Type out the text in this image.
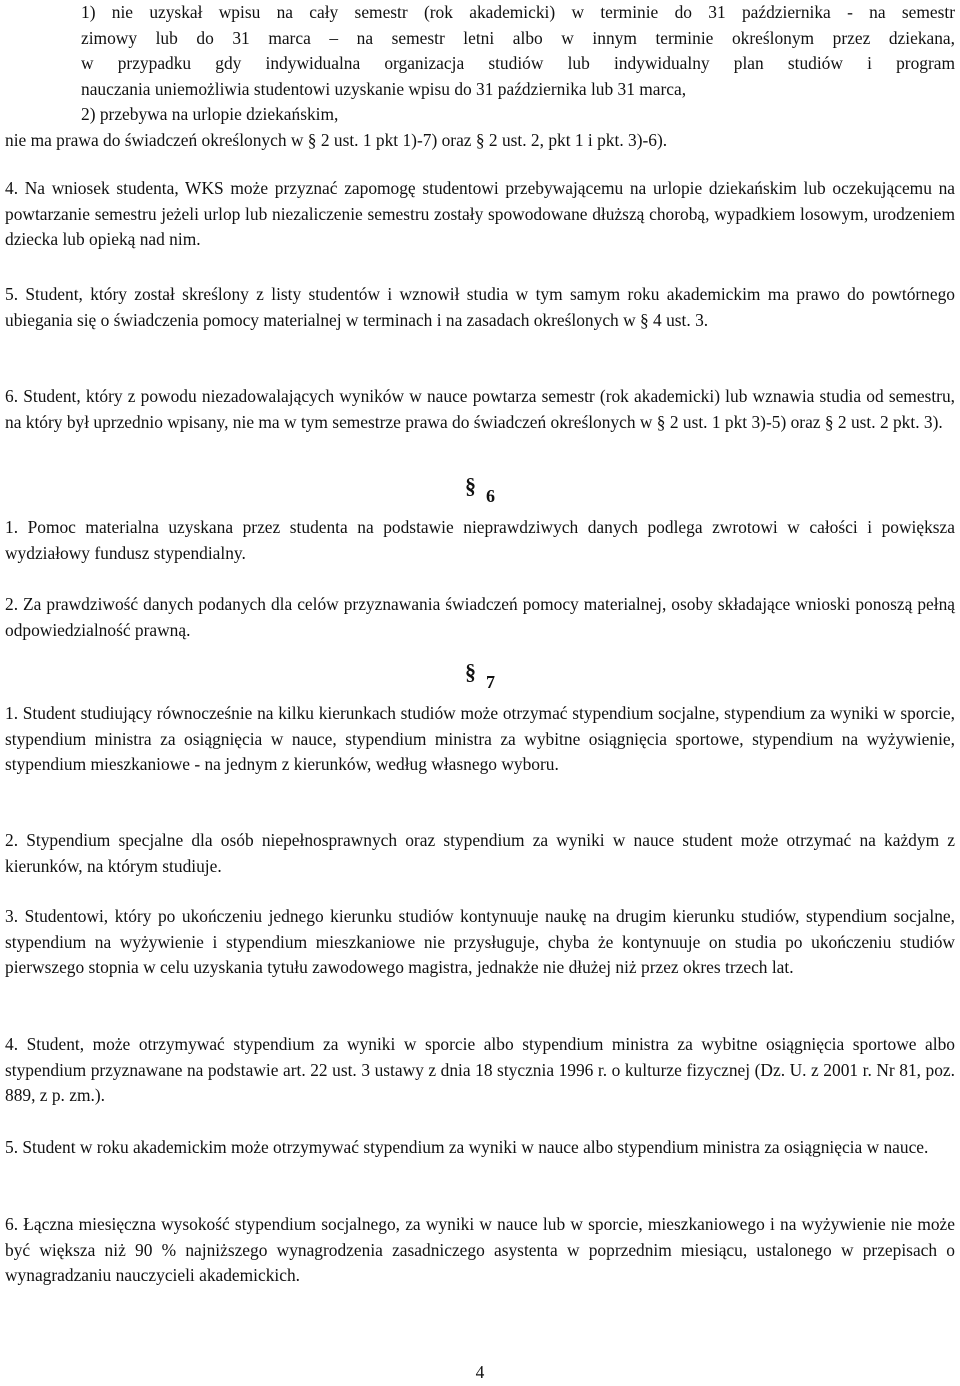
1) nie uzyskał wpisu na cały semestr (rok akademicki) w terminie do 31 października - na semestr
zimowy lub do 31 marca – na semestr letni albo w innym terminie określonym przez dziekana,
w przypadku gdy indywidualna organizacja studiów lub indywidualny plan studiów i program
nauczania uniemożliwia studentowi uzyskanie wpisu do 31 października lub 31 marca,
2) przebywa na urlopie dziekańskim,
nie ma prawa do świadczeń określonych w § 2 ust. 1 pkt 1)-7) oraz § 2 ust. 2, pkt 1 i pkt. 3)-6).

4. Na wniosek studenta, WKS może przyznać zapomogę studentowi przebywającemu na urlopie dziekańskim lub oczekującemu na powtarzanie semestru jeżeli urlop lub niezaliczenie semestru zostały spowodowane dłuższą chorobą, wypadkiem losowym, urodzeniem dziecka lub opieką nad nim.

5. Student, który został skreślony z listy studentów i wznowił studia w tym samym roku akademickim ma prawo do powtórnego ubiegania się o świadczenia pomocy materialnej w terminach i na zasadach określonych w § 4 ust. 3.

6. Student, który z powodu niezadowalających wyników w nauce powtarza semestr (rok akademicki) lub wznawia studia od semestru, na który był uprzednio wpisany, nie ma w tym semestrze prawa do świadczeń określonych w § 2 ust. 1 pkt 3)-5) oraz § 2 ust. 2 pkt. 3).

§ 6

1. Pomoc materialna uzyskana przez studenta na podstawie nieprawdziwych danych podlega zwrotowi w całości i powiększa wydziałowy fundusz stypendialny.

2. Za prawdziwość danych podanych dla celów przyznawania świadczeń pomocy materialnej, osoby składające wnioski ponoszą pełną odpowiedzialność prawną.

§ 7

1. Student studiujący równocześnie na kilku kierunkach studiów może otrzymać stypendium socjalne, stypendium za wyniki w sporcie, stypendium ministra za osiągnięcia w nauce, stypendium ministra za wybitne osiągnięcia sportowe, stypendium na wyżywienie, stypendium mieszkaniowe - na jednym z kierunków, według własnego wyboru.

2. Stypendium specjalne dla osób niepełnosprawnych oraz stypendium za wyniki w nauce student może otrzymać na każdym z kierunków, na którym studiuje.

3. Studentowi, który po ukończeniu jednego kierunku studiów kontynuuje naukę na drugim kierunku studiów, stypendium socjalne, stypendium na wyżywienie i stypendium mieszkaniowe nie przysługuje, chyba że kontynuuje on studia po ukończeniu studiów pierwszego stopnia w celu uzyskania tytułu zawodowego magistra, jednakże nie dłużej niż przez okres trzech lat.

4. Student, może otrzymywać stypendium za wyniki w sporcie albo stypendium ministra za wybitne osiągnięcia sportowe albo stypendium przyznawane na podstawie art. 22 ust. 3 ustawy z dnia 18 stycznia 1996 r. o kulturze fizycznej (Dz. U. z 2001 r. Nr 81, poz. 889, z p. zm.).

5. Student w roku akademickim może otrzymywać stypendium za wyniki w nauce albo stypendium ministra za osiągnięcia w nauce.

6. Łączna miesięczna wysokość stypendium socjalnego, za wyniki w nauce lub w sporcie, mieszkaniowego i na wyżywienie nie może być większa niż 90 % najniższego wynagrodzenia zasadniczego asystenta w poprzednim miesiącu, ustalonego w przepisach o wynagradzaniu nauczycieli akademickich.

4
